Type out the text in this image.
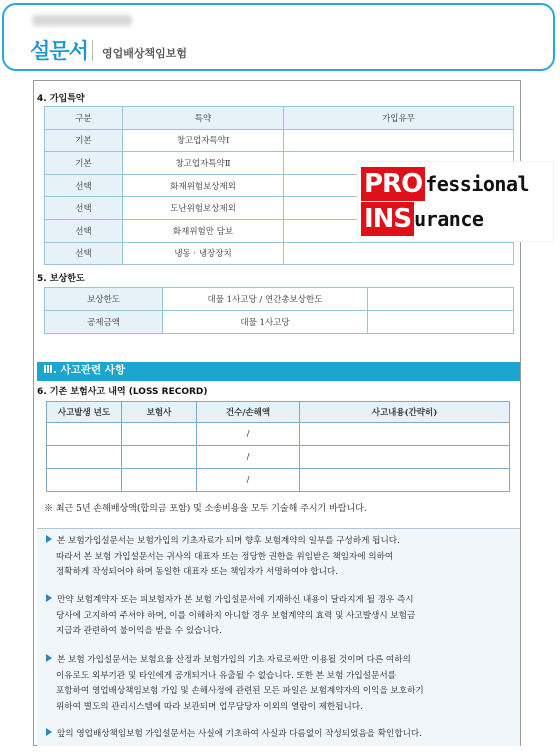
설문서 영업배상책임보험
4. 가입특약
구분	특약	가입유무
기본	창고업자특약Ⅰ	
기본	창고업자특약Ⅱ	
선택	화재위험보상제외	
선택	도난위험보상제외	
선택	화재위험만 담보	
선택	냉동 · 냉장장치	
5. 보상한도
보상한도	대물 1사고당 / 연간총보상한도	
공제금액	대물 1사고당	
Ⅲ. 사고관련 사항
6. 기존 보험사고 내역 (LOSS RECORD)
사고발생 년도	보험사	건수/손해액	사고내용(간략히)
		/	
		/	
		/	
※ 최근 5년 손해배상액(합의금 포함) 및 소송비용을 모두 기술해 주시기 바랍니다.
본 보험가입설문서는 보험가입의 기초자료가 되며 향후 보험계약의 일부를 구성하게 됩니다.
따라서 본 보험 가입설문서는 귀사의 대표자 또는 정당한 권한을 위임받은 책임자에 의하여
정확하게 작성되어야 하며 동일한 대표자 또는 책임자가 서명하여야 합니다.
만약 보험계약자 또는 피보험자가 본 보험 가입설문서에 기재하신 내용이 달라지게 될 경우 즉시
당사에 고지하여 주셔야 하며, 이를 이해하지 아니할 경우 보험계약의 효력 및 사고발생시 보험금
지급과 관련하여 불이익을 받을 수 있습니다.
본 보험 가입설문서는 보험요율 산정과 보험가입의 기초 자료로써만 이용될 것이며 다른 여하의
이유로도 외부기관 및 타인에게 공개되거나 유출될 수 없습니다. 또한 본 보험 가입설문서를
포함하여 영업배상책임보험 가입 및 손해사정에 관련된 모든 파일은 보험계약자의 이익을 보호하기
위하여 별도의 관리시스템에 따라 보관되며 업무담당자 이외의 열람이 제한됩니다.
앞의 영업배상책임보험 가입설문서는 사실에 기초하여 사실과 다름없이 작성되었음을 확인합니다.
PRO fessional
INS urance
